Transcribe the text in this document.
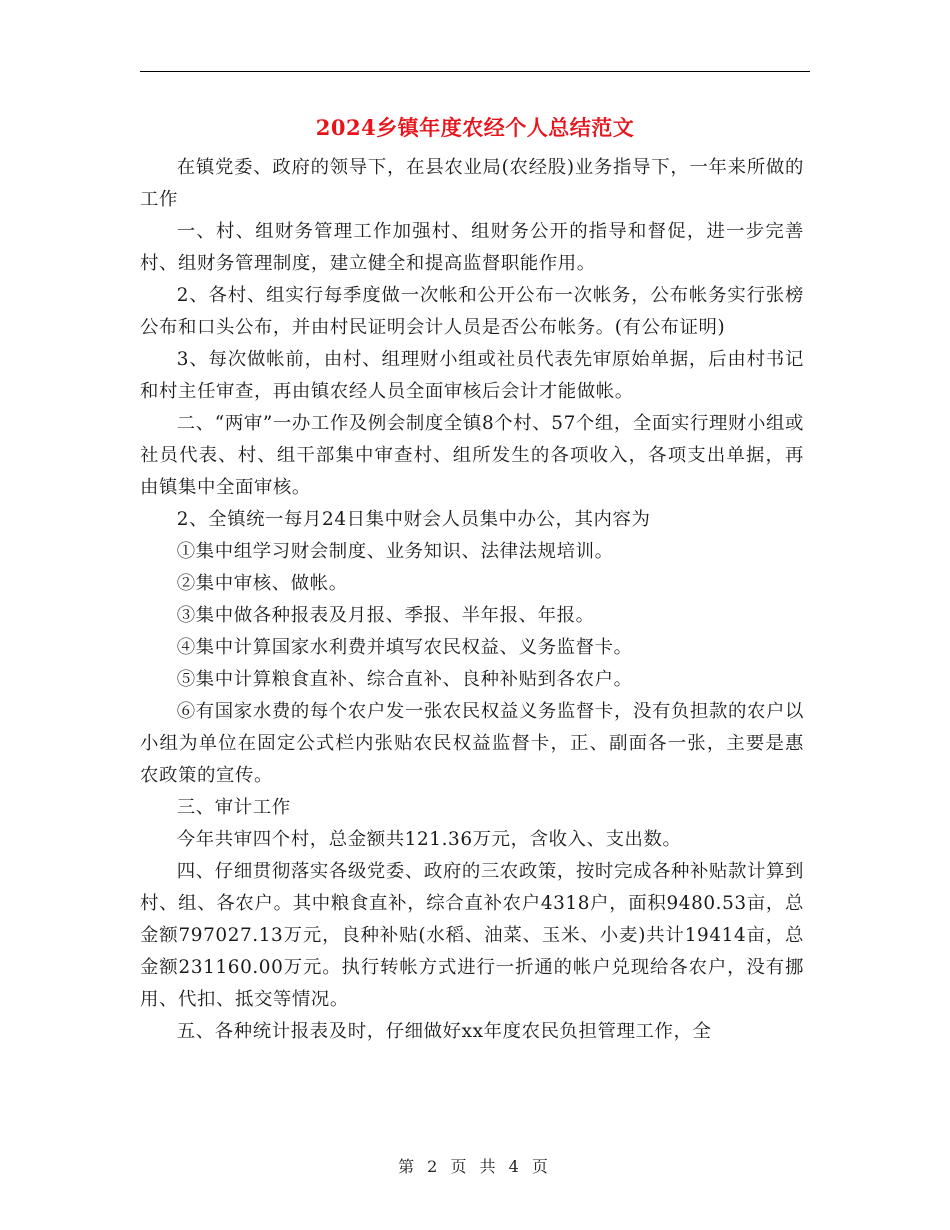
2024乡镇年度农经个人总结范文

在镇党委、政府的领导下，在县农业局(农经股)业务指导下，一年来所做的工作

一、村、组财务管理工作加强村、组财务公开的指导和督促，进一步完善村、组财务管理制度，建立健全和提高监督职能作用。

2、各村、组实行每季度做一次帐和公开公布一次帐务，公布帐务实行张榜公布和口头公布，并由村民证明会计人员是否公布帐务。(有公布证明)

3、每次做帐前，由村、组理财小组或社员代表先审原始单据，后由村书记和村主任审查，再由镇农经人员全面审核后会计才能做帐。

二、“两审”一办工作及例会制度全镇8个村、57个组，全面实行理财小组或社员代表、村、组干部集中审查村、组所发生的各项收入，各项支出单据，再由镇集中全面审核。

2、全镇统一每月24日集中财会人员集中办公，其内容为

①集中组学习财会制度、业务知识、法律法规培训。

②集中审核、做帐。

③集中做各种报表及月报、季报、半年报、年报。

④集中计算国家水利费并填写农民权益、义务监督卡。

⑤集中计算粮食直补、综合直补、良种补贴到各农户。

⑥有国家水费的每个农户发一张农民权益义务监督卡，没有负担款的农户以小组为单位在固定公式栏内张贴农民权益监督卡，正、副面各一张，主要是惠农政策的宣传。

三、审计工作

今年共审四个村，总金额共121.36万元，含收入、支出数。

四、仔细贯彻落实各级党委、政府的三农政策，按时完成各种补贴款计算到村、组、各农户。其中粮食直补，综合直补农户4318户，面积9480.53亩，总金额797027.13万元，良种补贴(水稻、油菜、玉米、小麦)共计19414亩，总金额231160.00万元。执行转帐方式进行一折通的帐户兑现给各农户，没有挪用、代扣、抵交等情况。

五、各种统计报表及时，仔细做好xx年度农民负担管理工作，全

第 2 页 共 4 页
